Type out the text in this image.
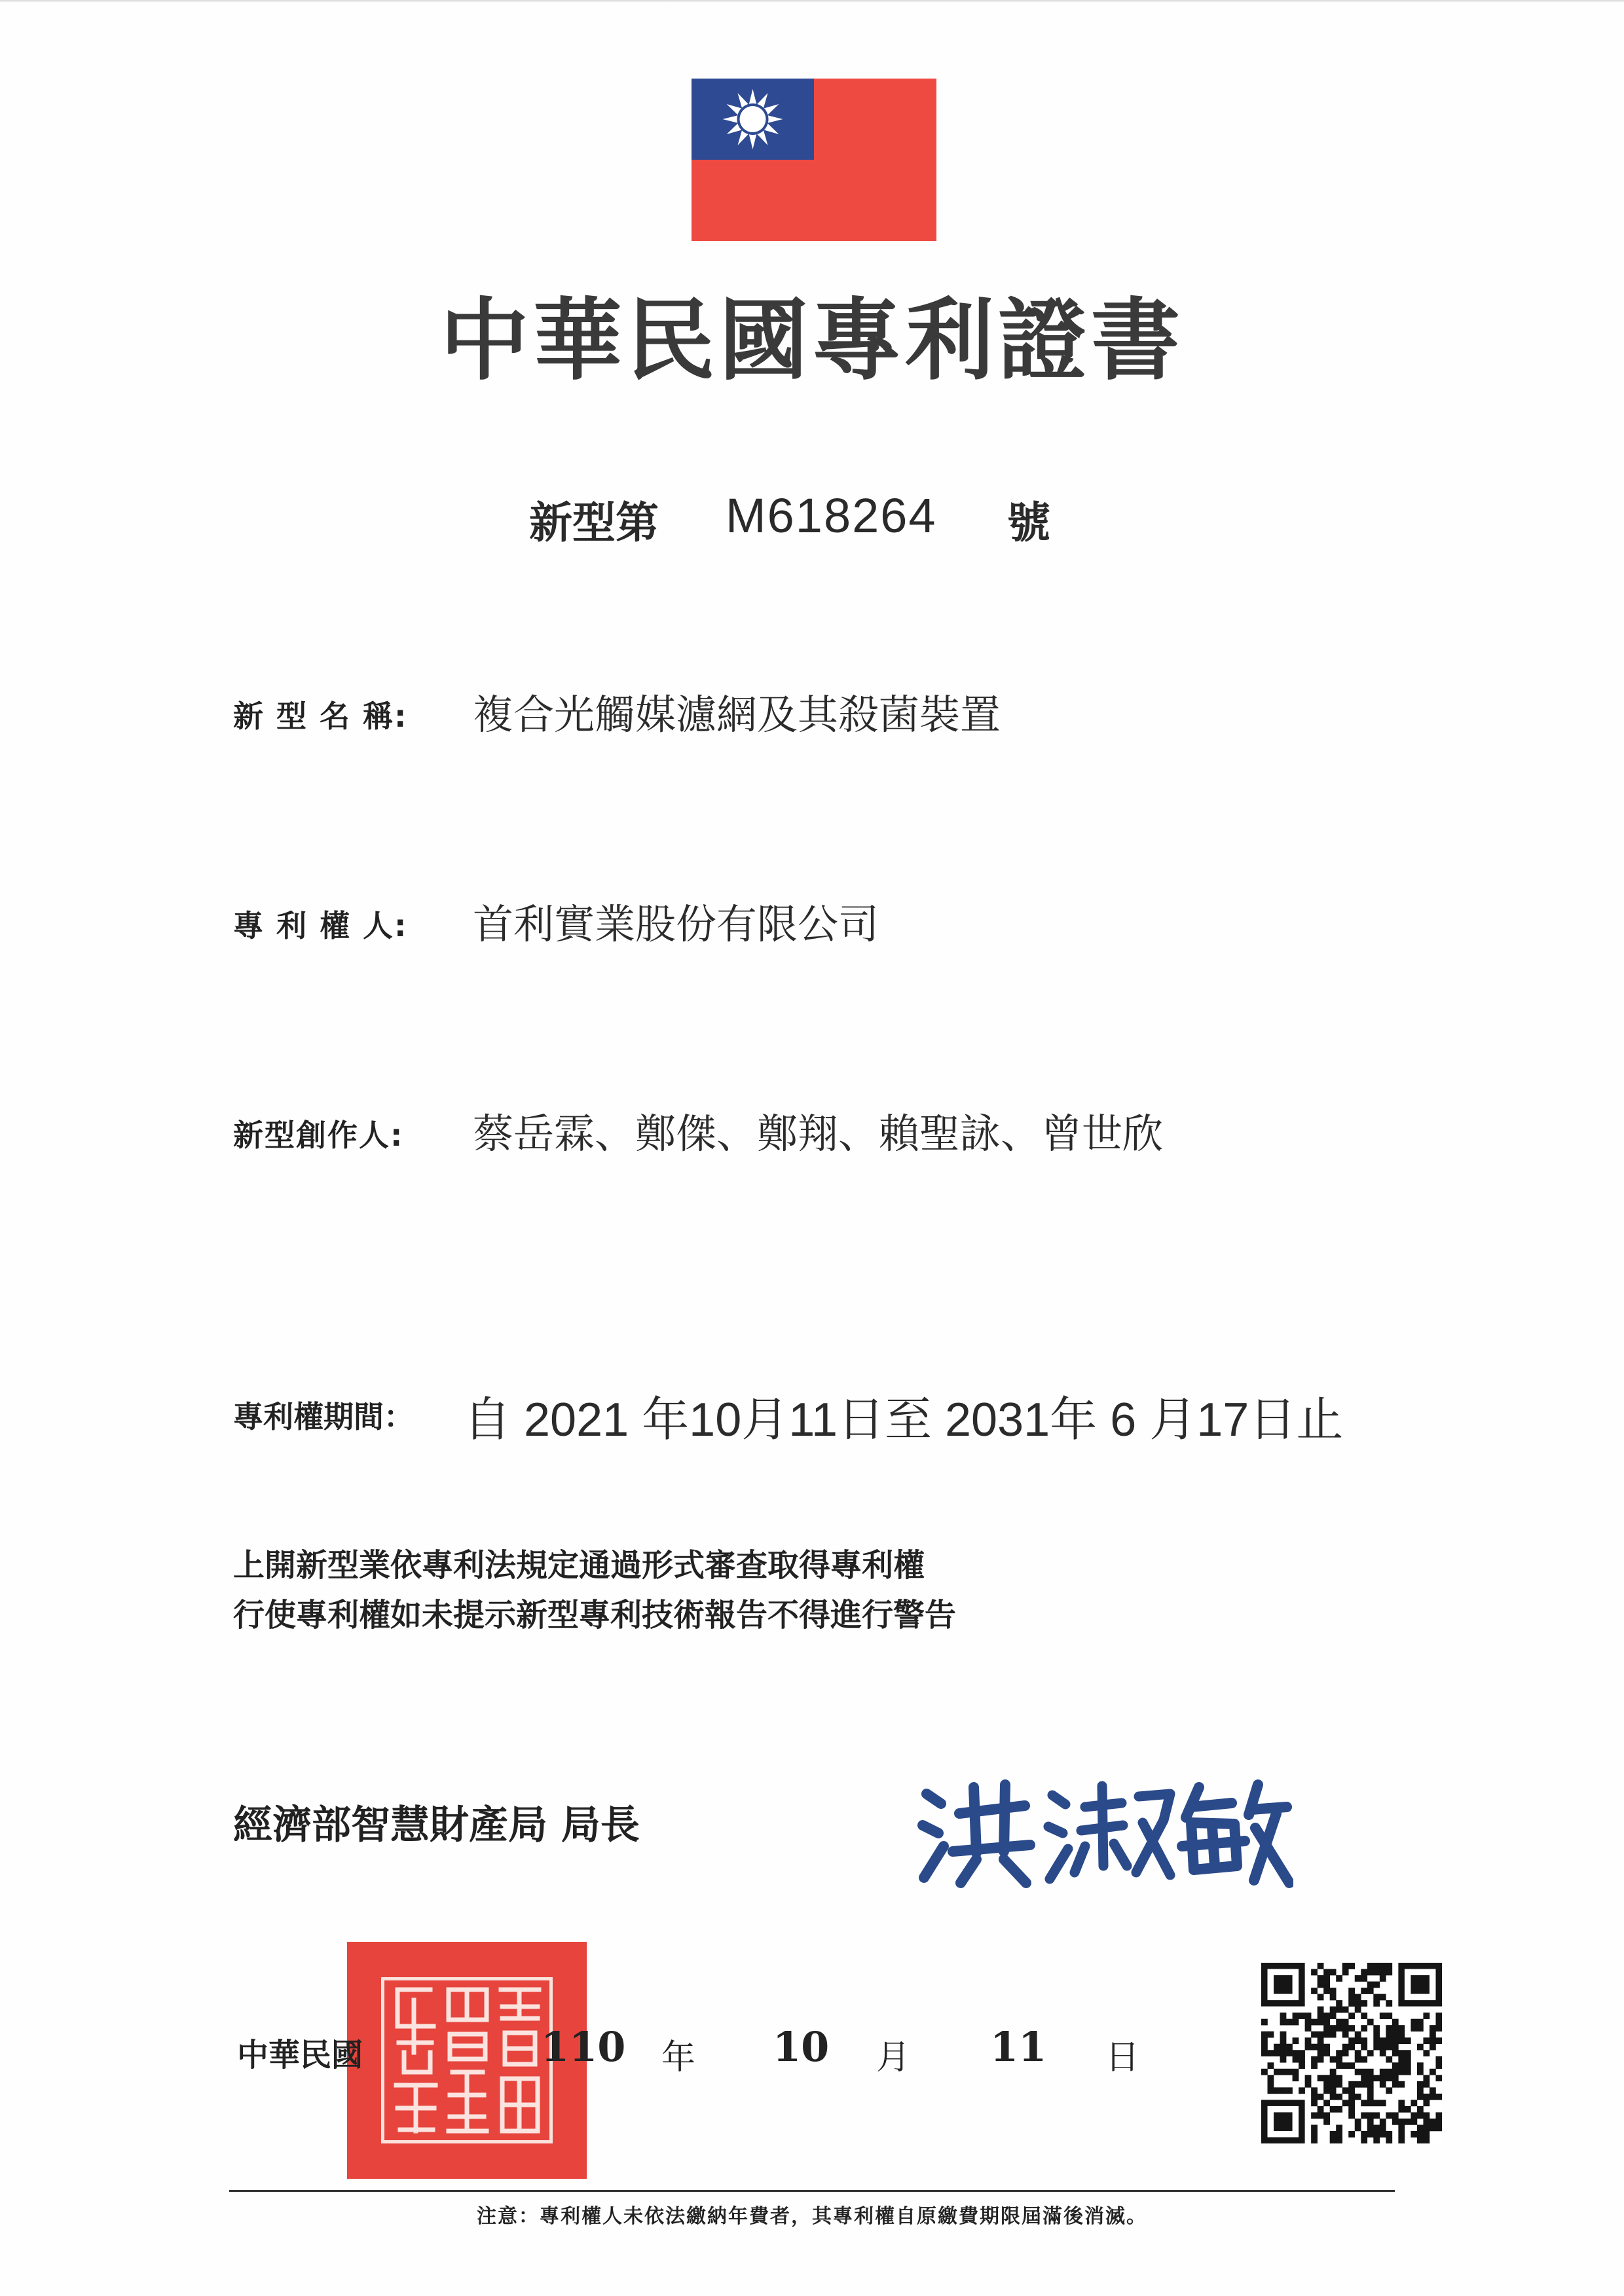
中華民國專利證書
新型第 M618264 號
新 型 名 稱: 複合光觸媒濾網及其殺菌裝置
專 利 權 人: 首利實業股份有限公司
新型創作人: 蔡岳霖、鄭傑、鄭翔、賴聖詠、曾世欣
專利權期間： 自 2021 年10月11日至 2031年 6 月17日止
上開新型業依專利法規定通過形式審查取得專利權
行使專利權如未提示新型專利技術報告不得進行警告
經濟部智慧財產局 局長
中華民國	110 年 10 月 11 日
注意：專利權人未依法繳納年費者，其專利權自原繳費期限屆滿後消滅。
